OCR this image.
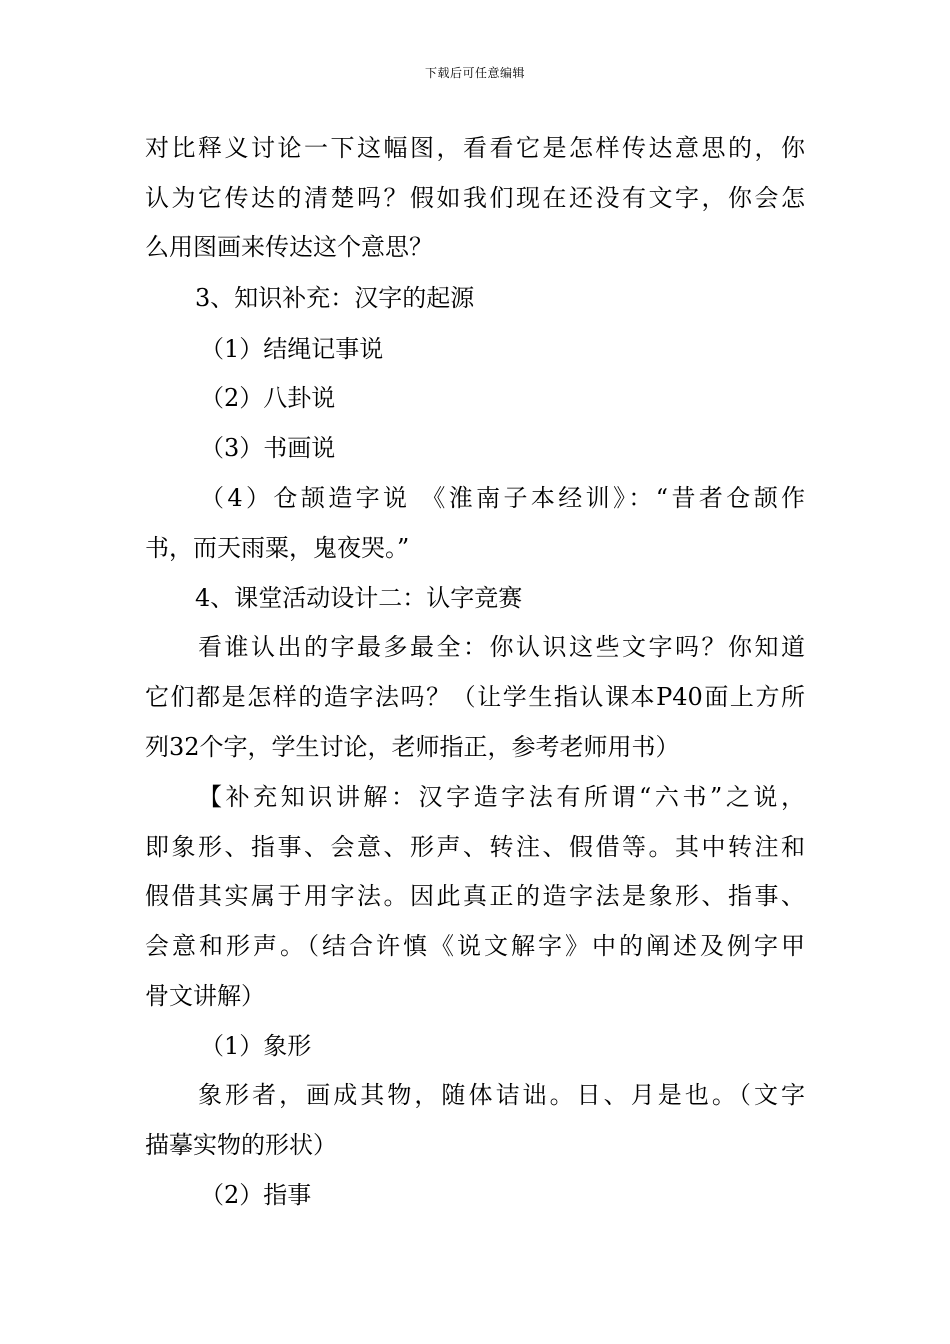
下载后可任意编辑
对比释义讨论一下这幅图，看看它是怎样传达意思的，你
认为它传达的清楚吗？假如我们现在还没有文字，你会怎
么用图画来传达这个意思？
3、知识补充：汉字的起源
（1）结绳记事说
（2）八卦说
（3）书画说
（4）仓颉造字说 《淮南子本经训》：“昔者仓颉作
书，而天雨粟，鬼夜哭。”
4、课堂活动设计二：认字竞赛
看谁认出的字最多最全：你认识这些文字吗？你知道
它们都是怎样的造字法吗？（让学生指认课本P40面上方所
列32个字，学生讨论，老师指正，参考老师用书）
【补充知识讲解：汉字造字法有所谓“六书”之说，
即象形、指事、会意、形声、转注、假借等。其中转注和
假借其实属于用字法。因此真正的造字法是象形、指事、
会意和形声。（结合许慎《说文解字》中的阐述及例字甲
骨文讲解）
（1）象形
象形者，画成其物，随体诘诎。日、月是也。（文字
描摹实物的形状）
（2）指事
